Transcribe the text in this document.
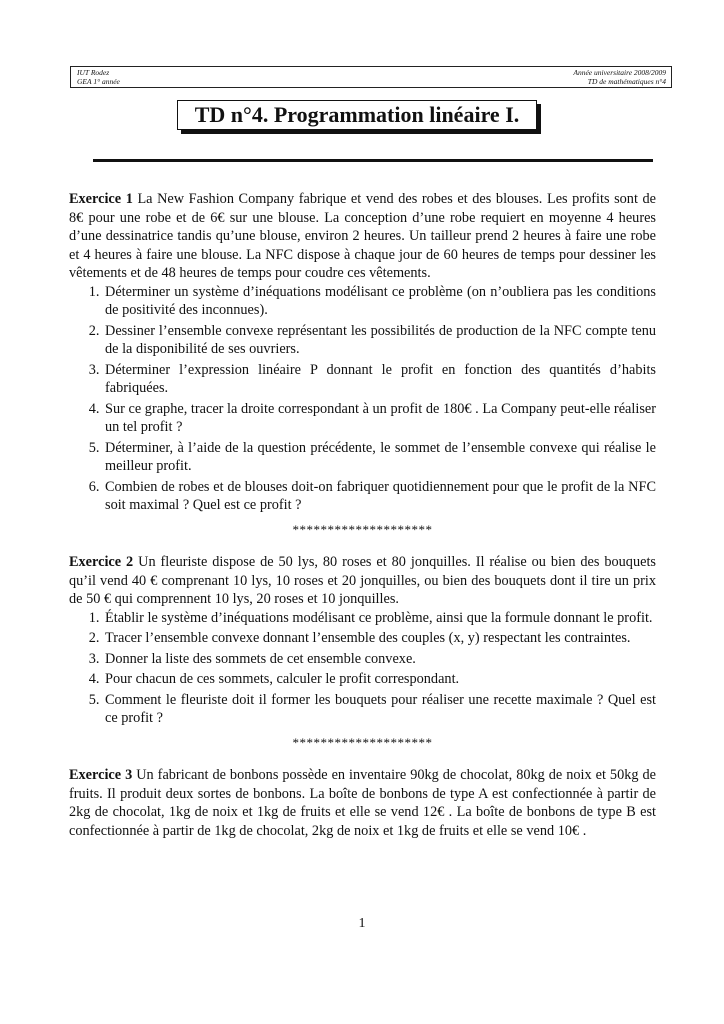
IUT Rodez
GEA 1° année
Année universitaire 2008/2009
TD de mathématiques n°4
TD n°4. Programmation linéaire I.

Exercice 1 La New Fashion Company fabrique et vend des robes et des blouses. Les profits sont de 8€ pour une robe et de 6€ sur une blouse. La conception d’une robe requiert en moyenne 4 heures d’une dessinatrice tandis qu’une blouse, environ 2 heures. Un tailleur prend 2 heures à faire une robe et 4 heures à faire une blouse. La NFC dispose à chaque jour de 60 heures de temps pour dessiner les vêtements et de 48 heures de temps pour coudre ces vêtements.

1. Déterminer un système d’inéquations modélisant ce problème (on n’oubliera pas les conditions de positivité des inconnues).
2. Dessiner l’ensemble convexe représentant les possibilités de production de la NFC compte tenu de la disponibilité de ses ouvriers.
3. Déterminer l’expression linéaire P donnant le profit en fonction des quantités d’habits fabriquées.
4. Sur ce graphe, tracer la droite correspondant à un profit de 180€ . La Company peut-elle réaliser un tel profit ?
5. Déterminer, à l’aide de la question précédente, le sommet de l’ensemble convexe qui réalise le meilleur profit.
6. Combien de robes et de blouses doit-on fabriquer quotidiennement pour que le profit de la NFC soit maximal ? Quel est ce profit ?
********************

Exercice 2 Un fleuriste dispose de 50 lys, 80 roses et 80 jonquilles. Il réalise ou bien des bouquets qu’il vend 40 € comprenant 10 lys, 10 roses et 20 jonquilles, ou bien des bouquets dont il tire un prix de 50 € qui comprennent 10 lys, 20 roses et 10 jonquilles.

1. Établir le système d’inéquations modélisant ce problème, ainsi que la formule donnant le profit.
2. Tracer l’ensemble convexe donnant l’ensemble des couples (x, y) respectant les contraintes.
3. Donner la liste des sommets de cet ensemble convexe.
4. Pour chacun de ces sommets, calculer le profit correspondant.
5. Comment le fleuriste doit il former les bouquets pour réaliser une recette maximale ? Quel est ce profit ?
********************

Exercice 3 Un fabricant de bonbons possède en inventaire 90kg de chocolat, 80kg de noix et 50kg de fruits. Il produit deux sortes de bonbons. La boîte de bonbons de type A est confectionnée à partir de 2kg de chocolat, 1kg de noix et 1kg de fruits et elle se vend 12€ . La boîte de bonbons de type B est confectionnée à partir de 1kg de chocolat, 2kg de noix et 1kg de fruits et elle se vend 10€ .

1
